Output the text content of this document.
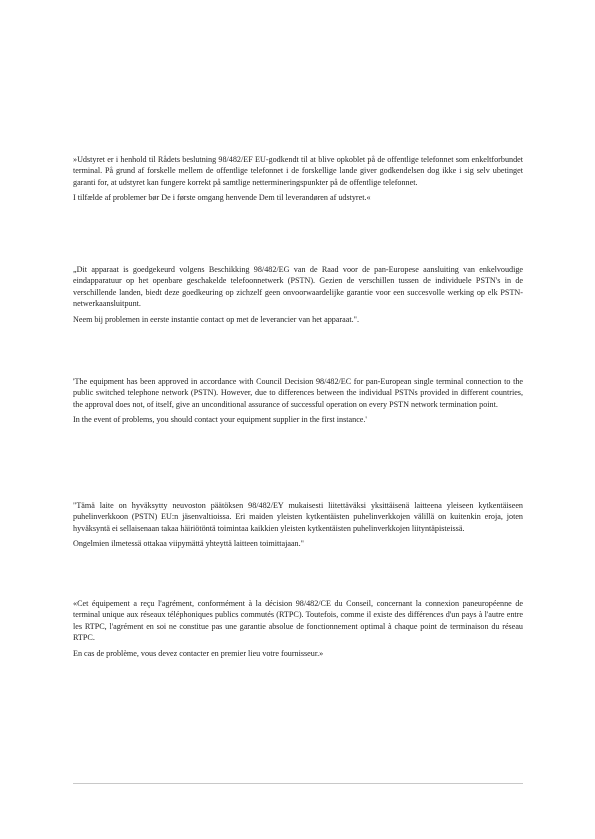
»Udstyret er i henhold til Rådets beslutning 98/482/EF EU-godkendt til at blive opkoblet på de offentlige telefonnet som enkeltforbundet terminal. På grund af forskelle mellem de offentlige telefonnet i de forskellige lande giver godkendelsen dog ikke i sig selv ubetinget garanti for, at udstyret kan fungere korrekt på samtlige nettermineringspunkter på de offentlige telefonnet.

I tilfælde af problemer bør De i første omgang henvende Dem til leverandøren af udstyret.«

„Dit apparaat is goedgekeurd volgens Beschikking 98/482/EG van de Raad voor de pan-Europese aansluiting van enkelvoudige eindapparatuur op het openbare geschakelde telefoonnetwerk (PSTN). Gezien de verschillen tussen de individuele PSTN's in de verschillende landen, biedt deze goedkeuring op zichzelf geen onvoorwaardelijke garantie voor een succesvolle werking op elk PSTN-netwerkaansluitpunt.

Neem bij problemen in eerste instantie contact op met de leverancier van het apparaat.".

'The equipment has been approved in accordance with Council Decision 98/482/EC for pan-European single terminal connection to the public switched telephone network (PSTN). However, due to differences between the individual PSTNs provided in different countries, the approval does not, of itself, give an unconditional assurance of successful operation on every PSTN network termination point.

In the event of problems, you should contact your equipment supplier in the first instance.'

"Tämä laite on hyväksytty neuvoston päätöksen 98/482/EY mukaisesti liitettäväksi yksittäisenä laitteena yleiseen kytkentäiseen puhelinverkkoon (PSTN) EU:n jäsenvaltioissa. Eri maiden yleisten kytkentäisten puhelinverkkojen välillä on kuitenkin eroja, joten hyväksyntä ei sellaisenaan takaa häiriötöntä toimintaa kaikkien yleisten kytkentäisten puhelinverkkojen liityntäpisteissä.

Ongelmien ilmetessä ottakaa viipymättä yhteyttä laitteen toimittajaan."

«Cet équipement a reçu l'agrément, conformément à la décision 98/482/CE du Conseil, concernant la connexion paneuropéenne de terminal unique aux réseaux téléphoniques publics commutés (RTPC). Toutefois, comme il existe des différences d'un pays à l'autre entre les RTPC, l'agrément en soi ne constitue pas une garantie absolue de fonctionnement optimal à chaque point de terminaison du réseau RTPC.

En cas de problème, vous devez contacter en premier lieu votre fournisseur.»
